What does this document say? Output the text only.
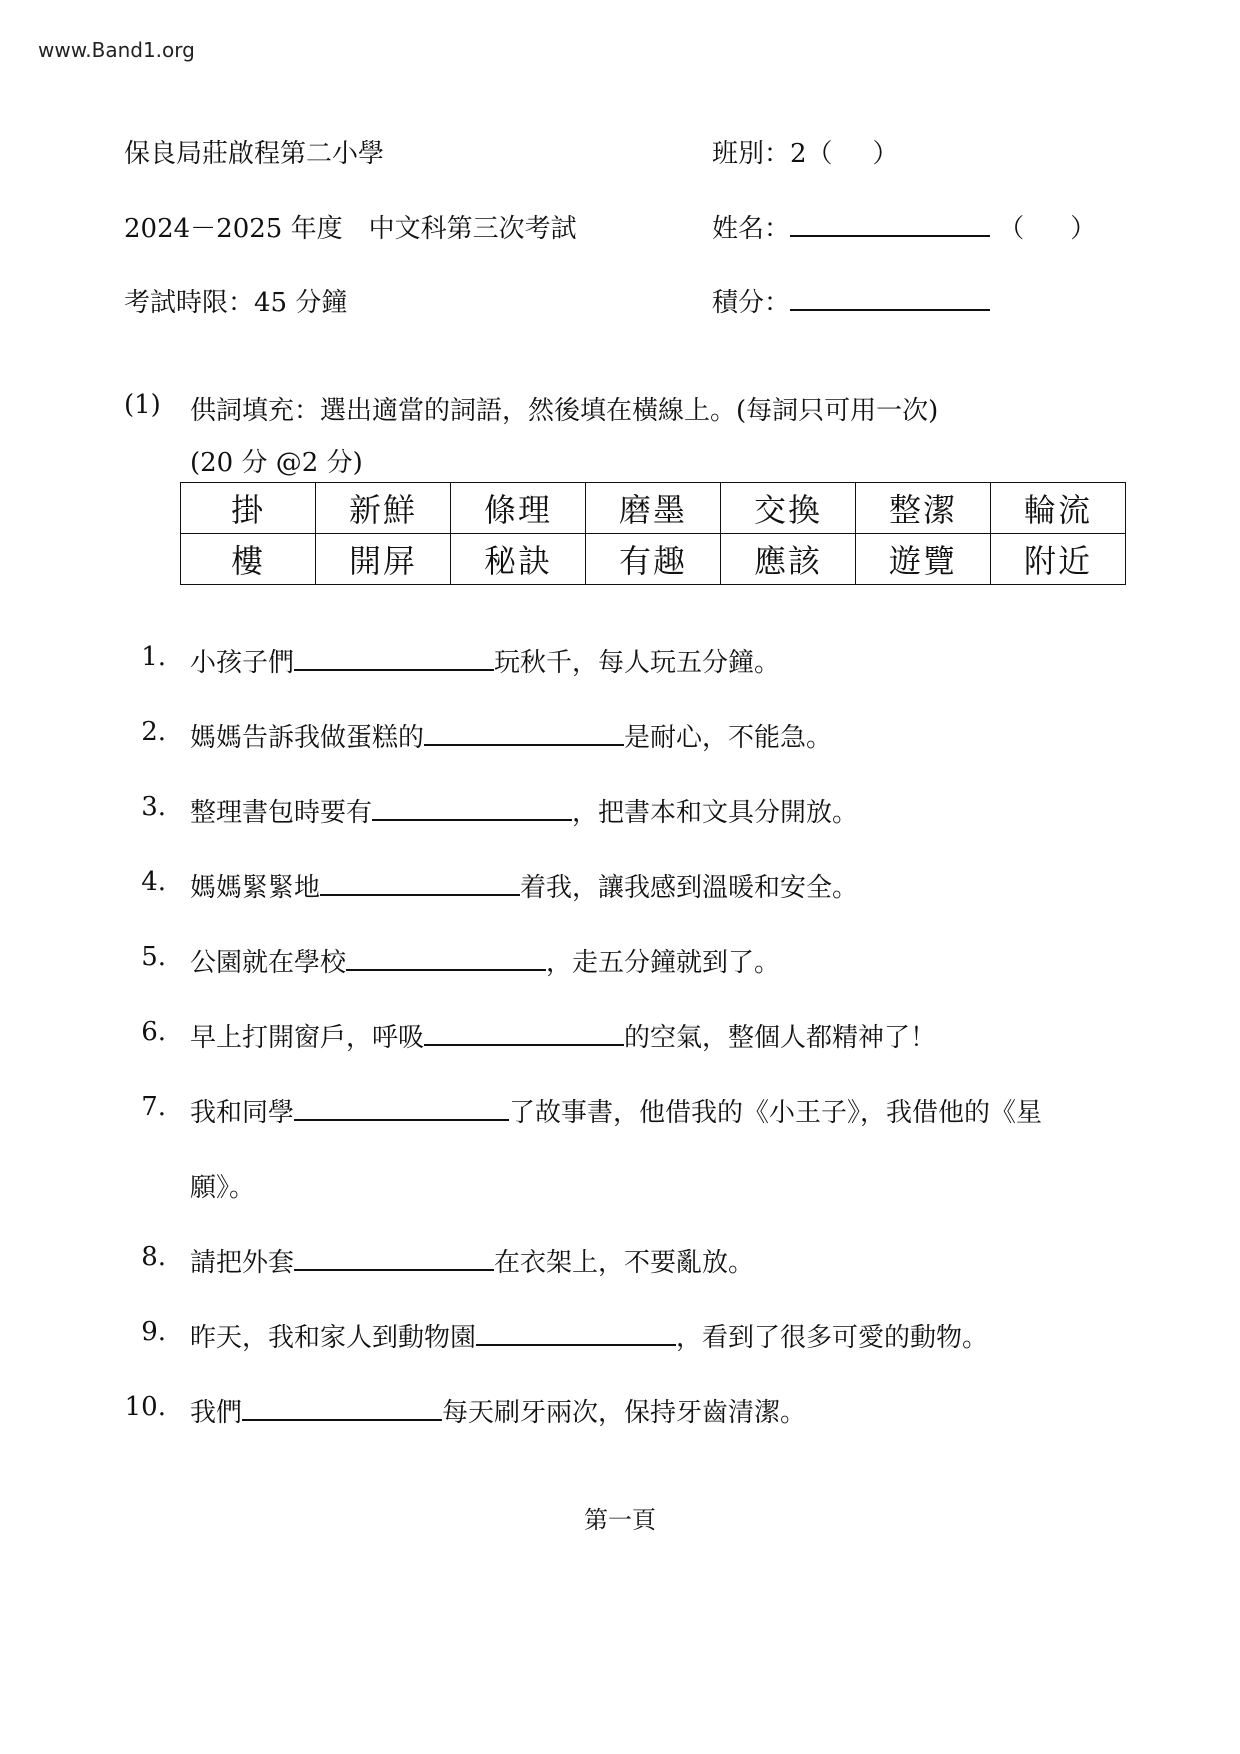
www.Band1.org
保良局莊啟程第二小學	班別：2（ ）
2024－2025 年度　中文科第三次考試	姓名：	（ ）
考試時限：45 分鐘	積分：
(1) 供詞填充：選出適當的詞語，然後填在橫線上。(每詞只可用一次)
(20 分 @2 分)
掛	新鮮	條理	磨墨	交換	整潔	輪流
樓	開屏	秘訣	有趣	應該	遊覽	附近
1. 小孩子們	玩秋千，每人玩五分鐘。
2. 媽媽告訴我做蛋糕的	是耐心，不能急。
3. 整理書包時要有	，把書本和文具分開放。
4. 媽媽緊緊地	着我，讓我感到溫暖和安全。
5. 公園就在學校	，走五分鐘就到了。
6. 早上打開窗戶，呼吸	的空氣，整個人都精神了！
7. 我和同學	了故事書，他借我的《小王子》，我借他的《星
願》。
8. 請把外套	在衣架上，不要亂放。
9. 昨天，我和家人到動物園	，看到了很多可愛的動物。
10. 我們	每天刷牙兩次，保持牙齒清潔。
第一頁
